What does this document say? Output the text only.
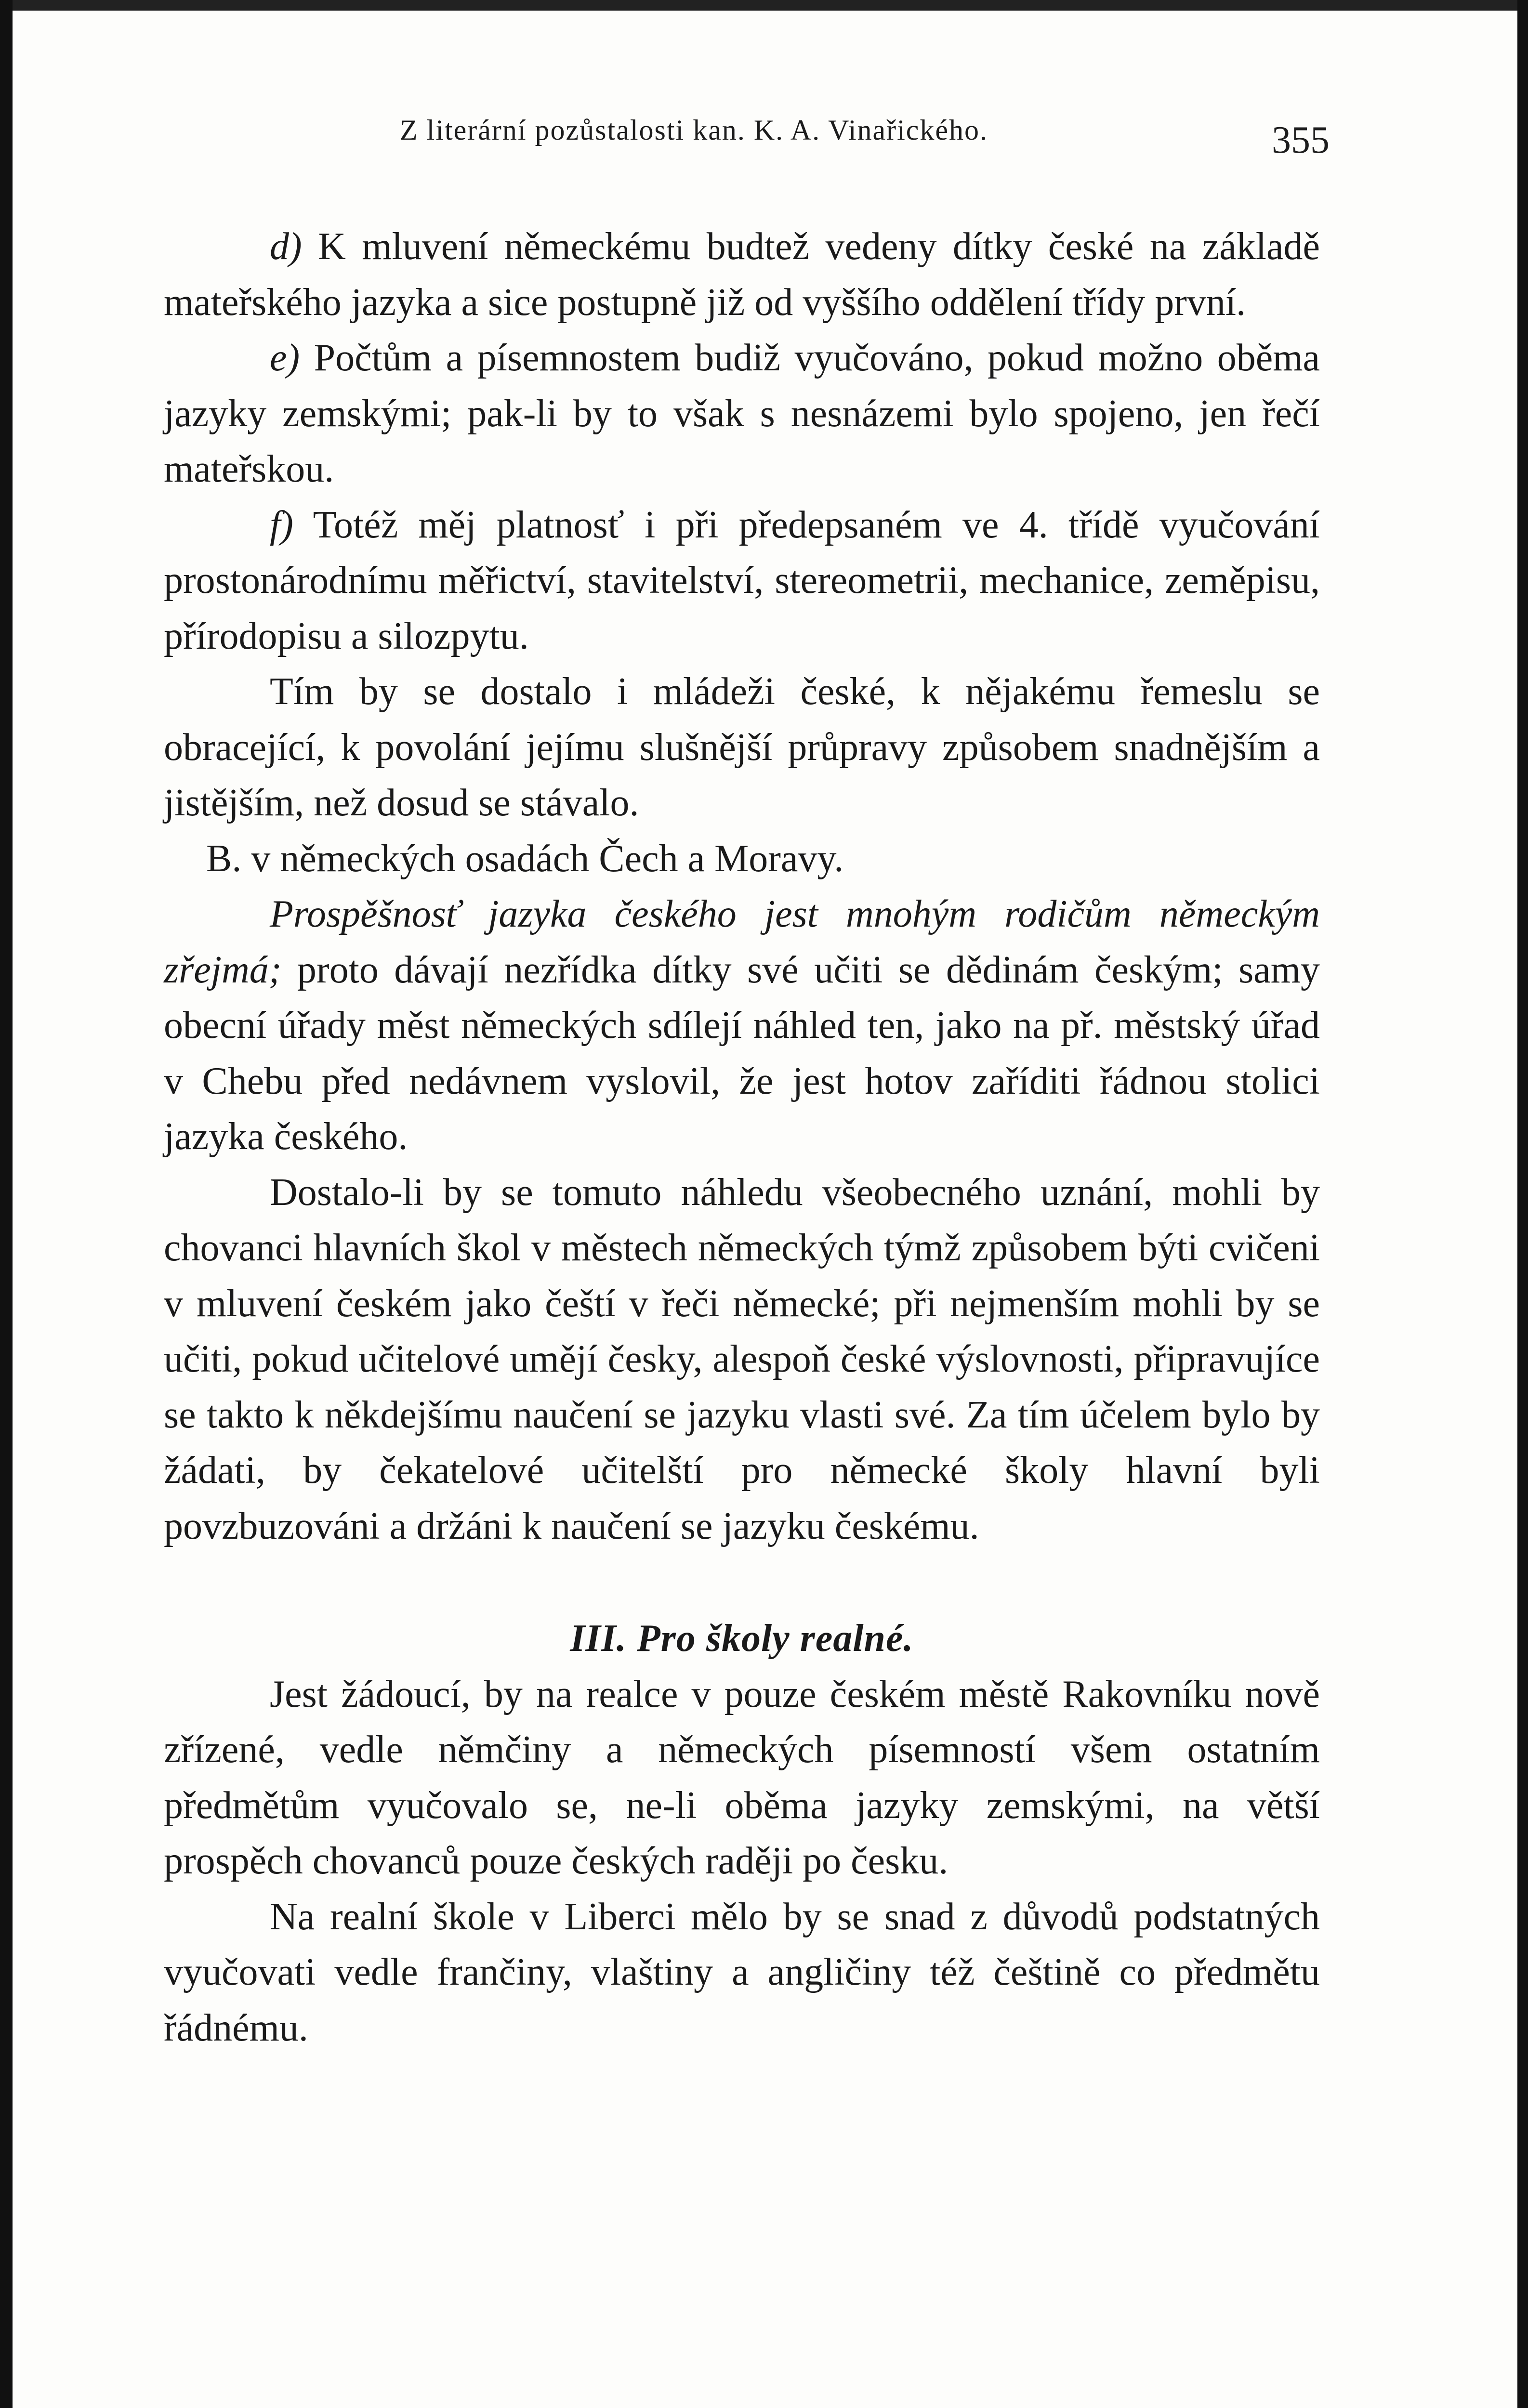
Z literární pozůstalosti kan. K. A. Vinařického.	355

d) K mluvení německému budtež vedeny dítky české na základě mateřského jazyka a sice postupně již od vyššího oddělení třídy první.

e) Počtům a písemnostem budiž vyučováno, pokud možno oběma jazyky zemskými; pak-li by to však s nesnázemi bylo spojeno, jen řečí mateřskou.

f) Totéž měj platnosť i při předepsaném ve 4. třídě vyučování prostonárodnímu měřictví, stavitelství, stereometrii, mechanice, zeměpisu, přírodopisu a silozpytu.

Tím by se dostalo i mládeži české, k nějakému řemeslu se obracející, k povolání jejímu slušnější průpravy způsobem snadnějším a jistějším, než dosud se stávalo.

B. v německých osadách Čech a Moravy.

Prospěšnosť jazyka českého jest mnohým rodičům německým zřejmá; proto dávají nezřídka dítky své učiti se dědinám českým; samy obecní úřady měst německých sdílejí náhled ten, jako na př. městský úřad v Chebu před nedávnem vyslovil, že jest hotov zaříditi řádnou stolici jazyka českého.

Dostalo-li by se tomuto náhledu všeobecného uznání, mohli by chovanci hlavních škol v městech německých týmž způsobem býti cvičeni v mluvení českém jako čeští v řeči německé; při nejmenším mohli by se učiti, pokud učitelové umějí česky, alespoň české výslovnosti, připravujíce se takto k někdejšímu naučení se jazyku vlasti své. Za tím účelem bylo by žádati, by čekatelové učitelští pro německé školy hlavní byli povzbuzováni a držáni k naučení se jazyku českému.

III. Pro školy realné.

Jest žádoucí, by na realce v pouze českém městě Rakovníku nově zřízené, vedle němčiny a německých písemností všem ostatním předmětům vyučovalo se, ne-li oběma jazyky zemskými, na větší prospěch chovanců pouze českých raději po česku.

Na realní škole v Liberci mělo by se snad z důvodů podstatných vyučovati vedle frančiny, vlaštiny a angličiny též češtině co předmětu řádnému.
